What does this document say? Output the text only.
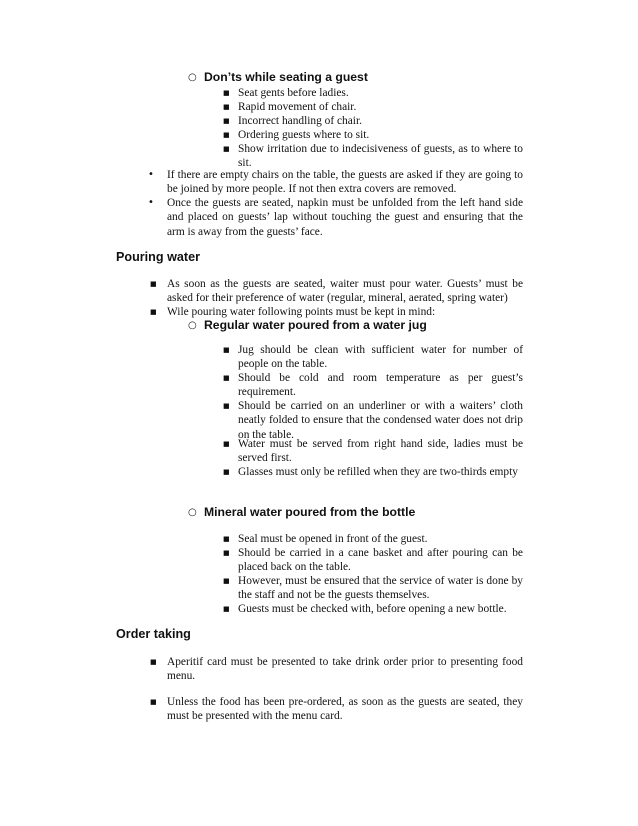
○ Don’ts while seating a guest
■ Seat gents before ladies.
■ Rapid movement of chair.
■ Incorrect handling of chair.
■ Ordering guests where to sit.
■ Show irritation due to indecisiveness of guests, as to where to sit.
• If there are empty chairs on the table, the guests are asked if they are going to be joined by more people. If not then extra covers are removed.
• Once the guests are seated, napkin must be unfolded from the left hand side and placed on guests’ lap without touching the guest and ensuring that the arm is away from the guests’ face.
Pouring water
■ As soon as the guests are seated, waiter must pour water. Guests’ must be asked for their preference of water (regular, mineral, aerated, spring water)
■ Wile pouring water following points must be kept in mind:
○ Regular water poured from a water jug
■ Jug should be clean with sufficient water for number of people on the table.
■ Should be cold and room temperature as per guest’s requirement.
■ Should be carried on an underliner or with a waiters’ cloth neatly folded to ensure that the condensed water does not drip on the table.
■ Water must be served from right hand side, ladies must be served first.
■ Glasses must only be refilled when they are two-thirds empty
○ Mineral water poured from the bottle
■ Seal must be opened in front of the guest.
■ Should be carried in a cane basket and after pouring can be placed back on the table.
■ However, must be ensured that the service of water is done by the staff and not be the guests themselves.
■ Guests must be checked with, before opening a new bottle.
Order taking
■ Aperitif card must be presented to take drink order prior to presenting food menu.
■ Unless the food has been pre-ordered, as soon as the guests are seated, they must be presented with the menu card.
